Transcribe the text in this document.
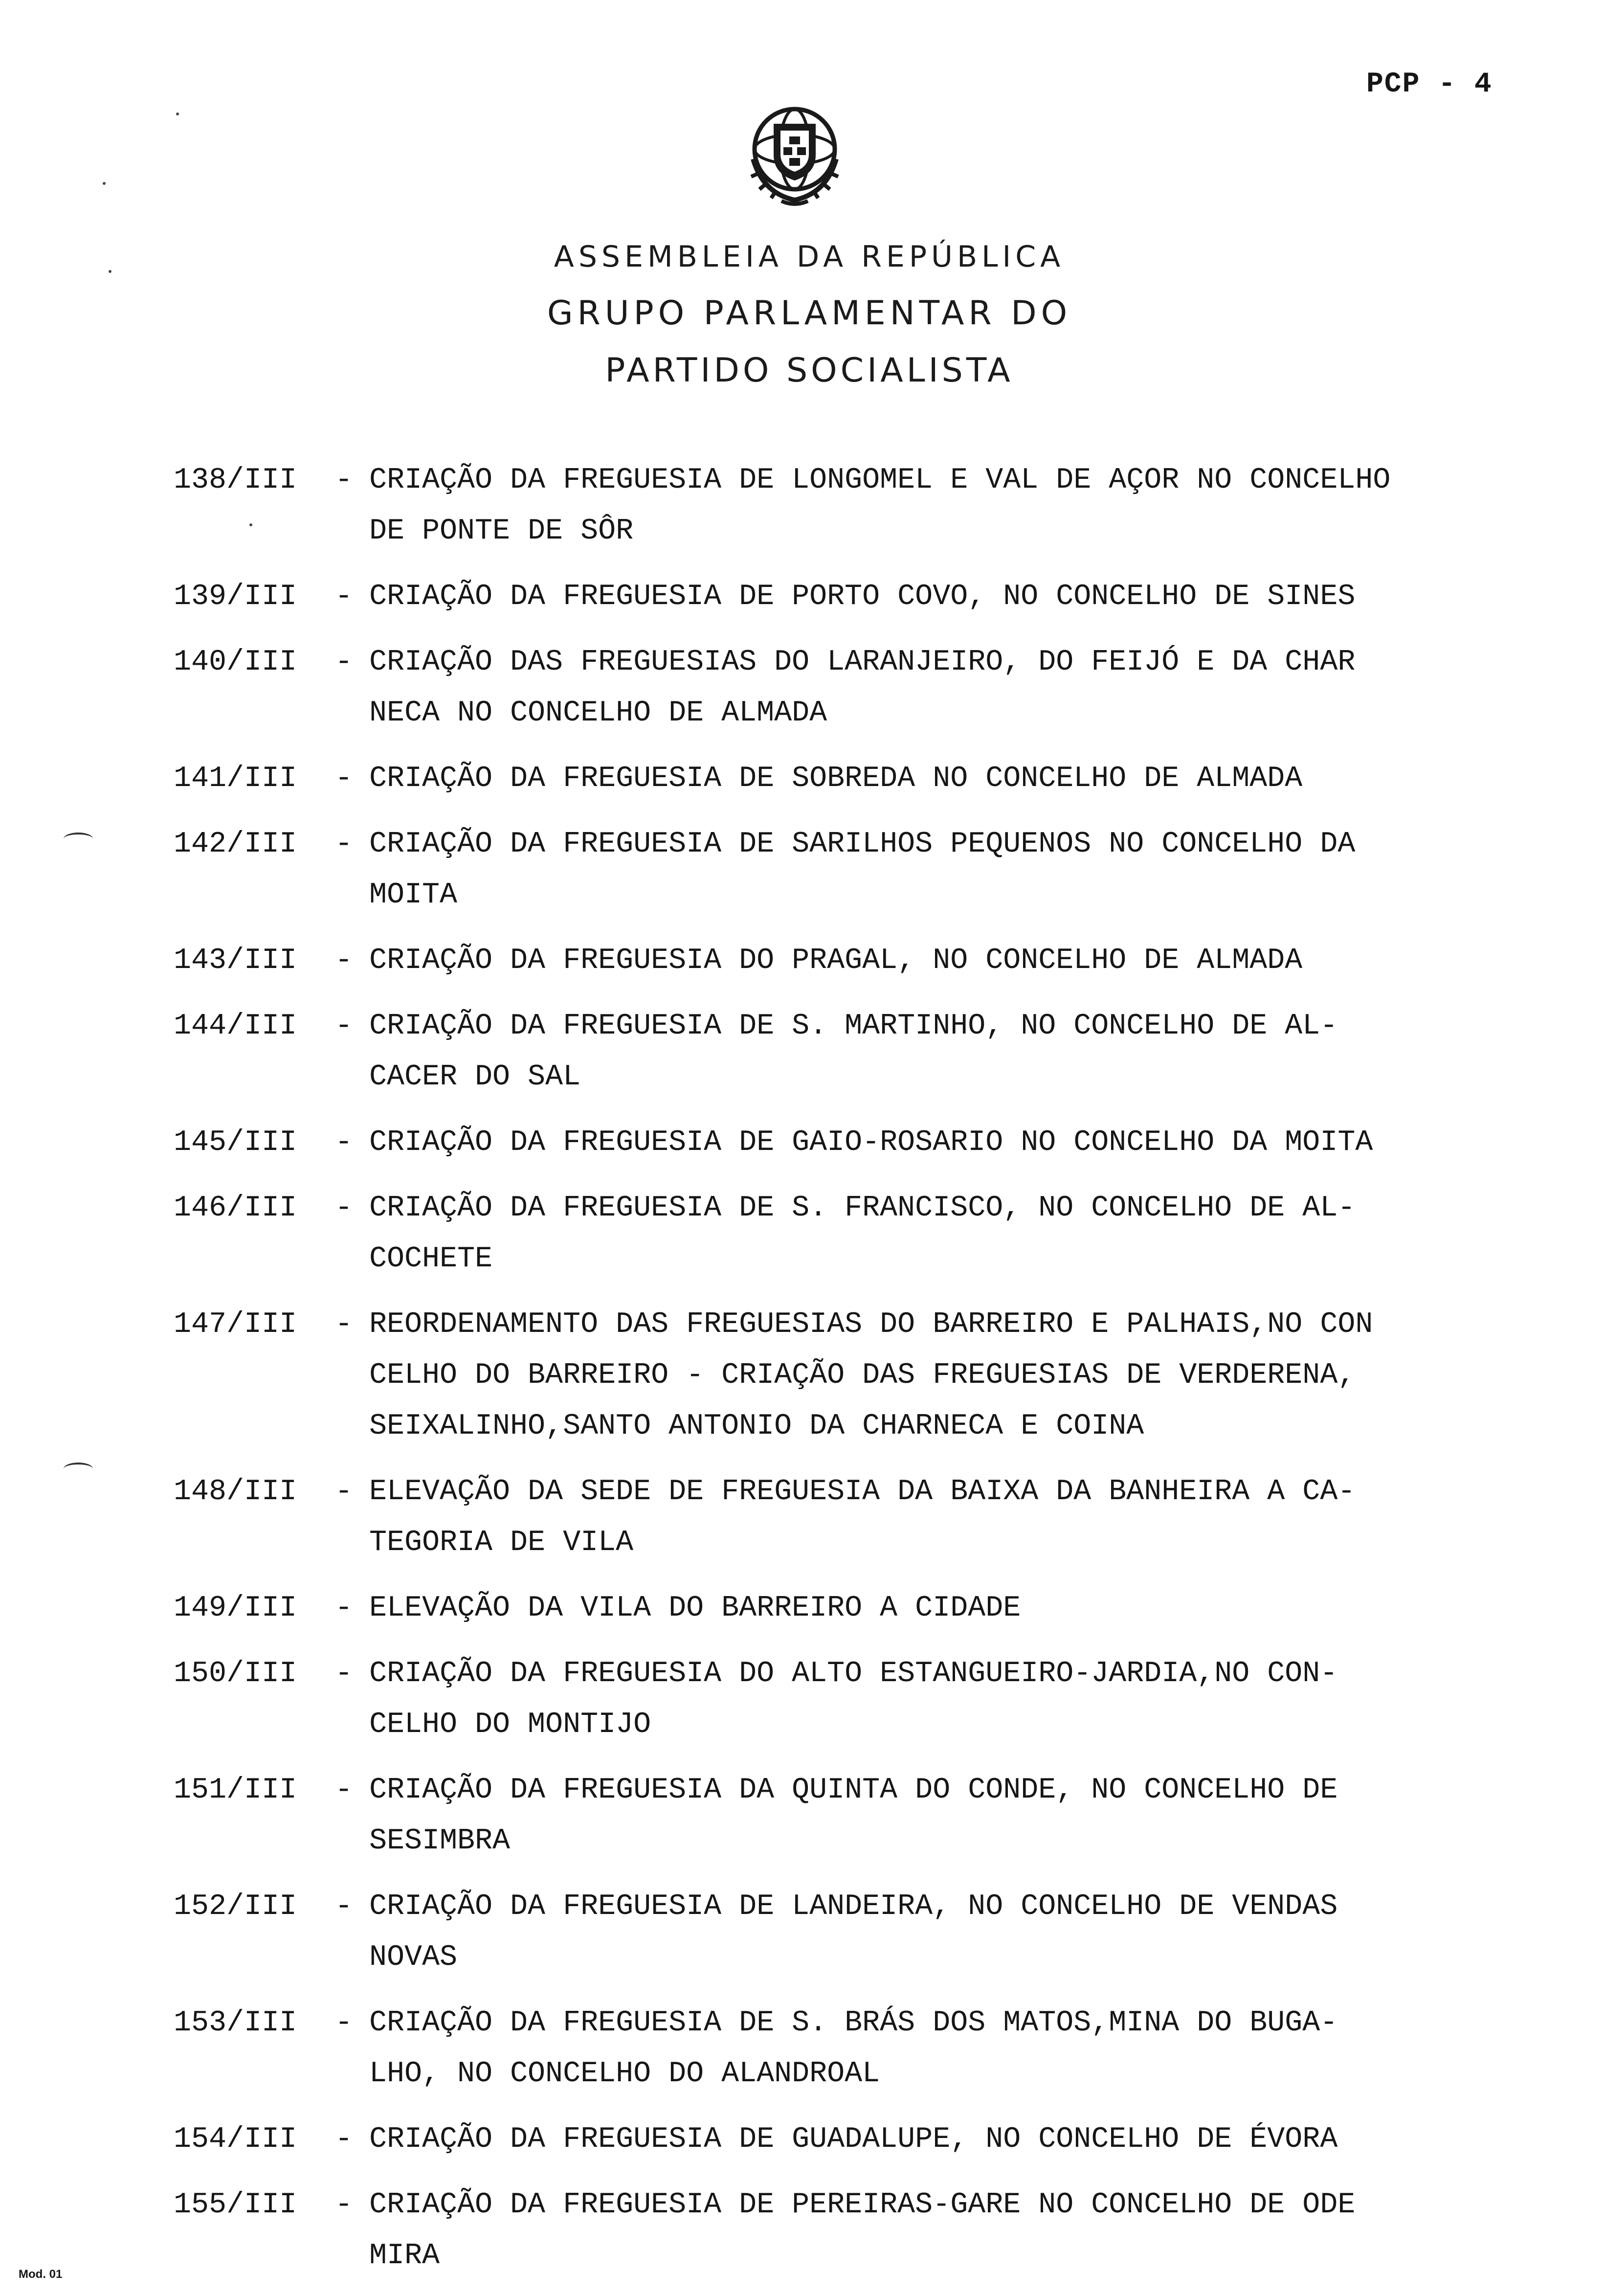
PCP - 4
ASSEMBLEIA DA REPÚBLICA
GRUPO PARLAMENTAR DO
PARTIDO SOCIALISTA
138/III	- CRIAÇÃO DA FREGUESIA DE LONGOMEL E VAL DE AÇOR NO CONCELHO
DE PONTE DE SÔR
139/III	- CRIAÇÃO DA FREGUESIA DE PORTO COVO, NO CONCELHO DE SINES
140/III	- CRIAÇÃO DAS FREGUESIAS DO LARANJEIRO, DO FEIJÓ E DA CHAR
NECA NO CONCELHO DE ALMADA
141/III	- CRIAÇÃO DA FREGUESIA DE SOBREDA NO CONCELHO DE ALMADA
142/III	- CRIAÇÃO DA FREGUESIA DE SARILHOS PEQUENOS NO CONCELHO DA
MOITA
143/III	- CRIAÇÃO DA FREGUESIA DO PRAGAL, NO CONCELHO DE ALMADA
144/III	- CRIAÇÃO DA FREGUESIA DE S. MARTINHO, NO CONCELHO DE AL-
CACER DO SAL
145/III	- CRIAÇÃO DA FREGUESIA DE GAIO-ROSARIO NO CONCELHO DA MOITA
146/III	- CRIAÇÃO DA FREGUESIA DE S. FRANCISCO, NO CONCELHO DE AL-
COCHETE
147/III	- REORDENAMENTO DAS FREGUESIAS DO BARREIRO E PALHAIS,NO CON
CELHO DO BARREIRO - CRIAÇÃO DAS FREGUESIAS DE VERDERENA,
SEIXALINHO,SANTO ANTONIO DA CHARNECA E COINA
148/III	- ELEVAÇÃO DA SEDE DE FREGUESIA DA BAIXA DA BANHEIRA A CA-
TEGORIA DE VILA
149/III	- ELEVAÇÃO DA VILA DO BARREIRO A CIDADE
150/III	- CRIAÇÃO DA FREGUESIA DO ALTO ESTANGUEIRO-JARDIA,NO CON-
CELHO DO MONTIJO
151/III	- CRIAÇÃO DA FREGUESIA DA QUINTA DO CONDE, NO CONCELHO DE
SESIMBRA
152/III	- CRIAÇÃO DA FREGUESIA DE LANDEIRA, NO CONCELHO DE VENDAS
NOVAS
153/III	- CRIAÇÃO DA FREGUESIA DE S. BRÁS DOS MATOS,MINA DO BUGA-
LHO, NO CONCELHO DO ALANDROAL
154/III	- CRIAÇÃO DA FREGUESIA DE GUADALUPE, NO CONCELHO DE ÉVORA
155/III	- CRIAÇÃO DA FREGUESIA DE PEREIRAS-GARE NO CONCELHO DE ODE
MIRA
Mod. 01
